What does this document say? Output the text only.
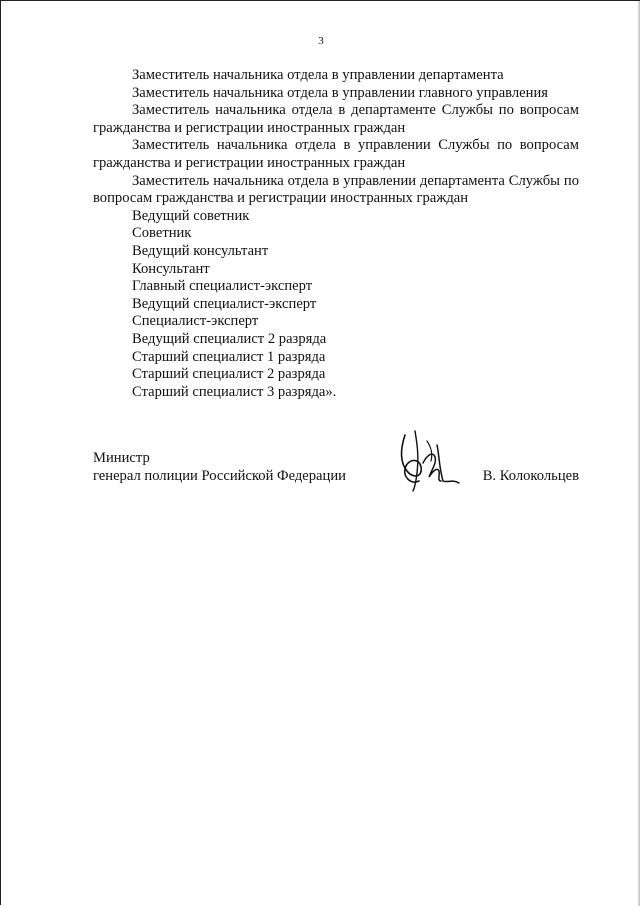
3

Заместитель начальника отдела в управлении департамента

Заместитель начальника отдела в управлении главного управления

Заместитель начальника отдела в департаменте Службы по вопросам гражданства и регистрации иностранных граждан

Заместитель начальника отдела в управлении Службы по вопросам гражданства и регистрации иностранных граждан

Заместитель начальника отдела в управлении департамента Службы по вопросам гражданства и регистрации иностранных граждан

Ведущий советник
Советник
Ведущий консультант
Консультант
Главный специалист-эксперт
Ведущий специалист-эксперт
Специалист-эксперт
Ведущий специалист 2 разряда
Старший специалист 1 разряда
Старший специалист 2 разряда
Старший специалист 3 разряда».
Министр
генерал полиции Российской Федерации	В. Колокольцев
